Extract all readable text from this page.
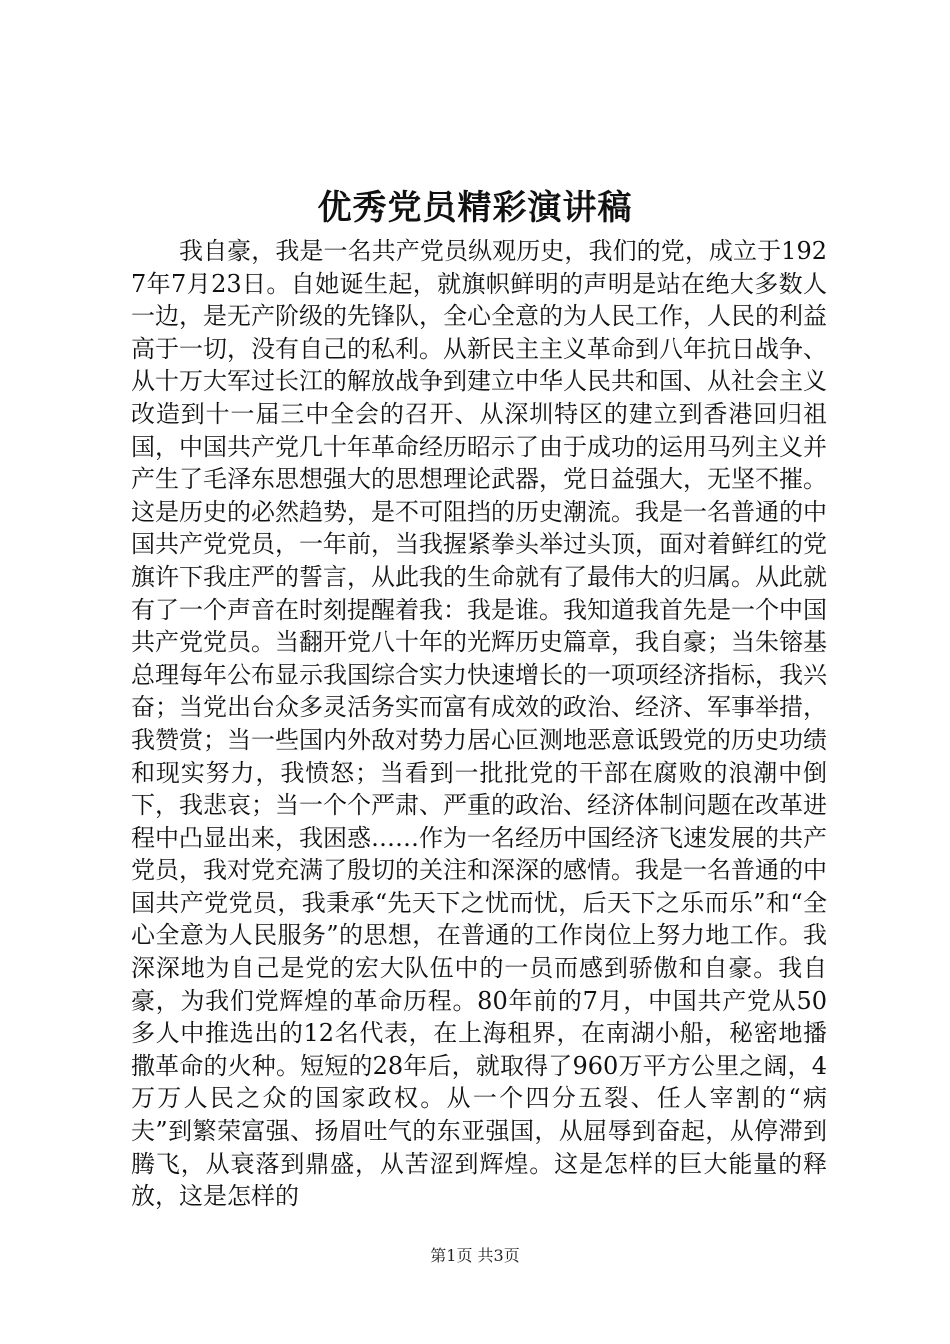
优秀党员精彩演讲稿

我自豪，我是一名共产党员纵观历史，我们的党，成立于1927年7月23日。自她诞生起，就旗帜鲜明的声明是站在绝大多数人一边，是无产阶级的先锋队，全心全意的为人民工作，人民的利益高于一切，没有自己的私利。从新民主主义革命到八年抗日战争、从十万大军过长江的解放战争到建立中华人民共和国、从社会主义改造到十一届三中全会的召开、从深圳特区的建立到香港回归祖国，中国共产党几十年革命经历昭示了由于成功的运用马列主义并产生了毛泽东思想强大的思想理论武器，党日益强大，无坚不摧。这是历史的必然趋势，是不可阻挡的历史潮流。我是一名普通的中国共产党党员，一年前，当我握紧拳头举过头顶，面对着鲜红的党旗许下我庄严的誓言，从此我的生命就有了最伟大的归属。从此就有了一个声音在时刻提醒着我：我是谁。我知道我首先是一个中国共产党党员。当翻开党八十年的光辉历史篇章，我自豪；当朱镕基总理每年公布显示我国综合实力快速增长的一项项经济指标，我兴奋；当党出台众多灵活务实而富有成效的政治、经济、军事举措，我赞赏；当一些国内外敌对势力居心叵测地恶意诋毁党的历史功绩和现实努力，我愤怒；当看到一批批党的干部在腐败的浪潮中倒下，我悲哀；当一个个严肃、严重的政治、经济体制问题在改革进程中凸显出来，我困惑……作为一名经历中国经济飞速发展的共产党员，我对党充满了殷切的关注和深深的感情。我是一名普通的中国共产党党员，我秉承“先天下之忧而忧，后天下之乐而乐”和“全心全意为人民服务”的思想，在普通的工作岗位上努力地工作。我深深地为自己是党的宏大队伍中的一员而感到骄傲和自豪。我自豪，为我们党辉煌的革命历程。80年前的7月，中国共产党从50多人中推选出的12名代表，在上海租界，在南湖小船，秘密地播撒革命的火种。短短的28年后，就取得了960万平方公里之阔，4万万人民之众的国家政权。从一个四分五裂、任人宰割的“病夫”到繁荣富强、扬眉吐气的东亚强国，从屈辱到奋起，从停滞到腾飞，从衰落到鼎盛，从苦涩到辉煌。这是怎样的巨大能量的释放，这是怎样的

第1页 共3页
